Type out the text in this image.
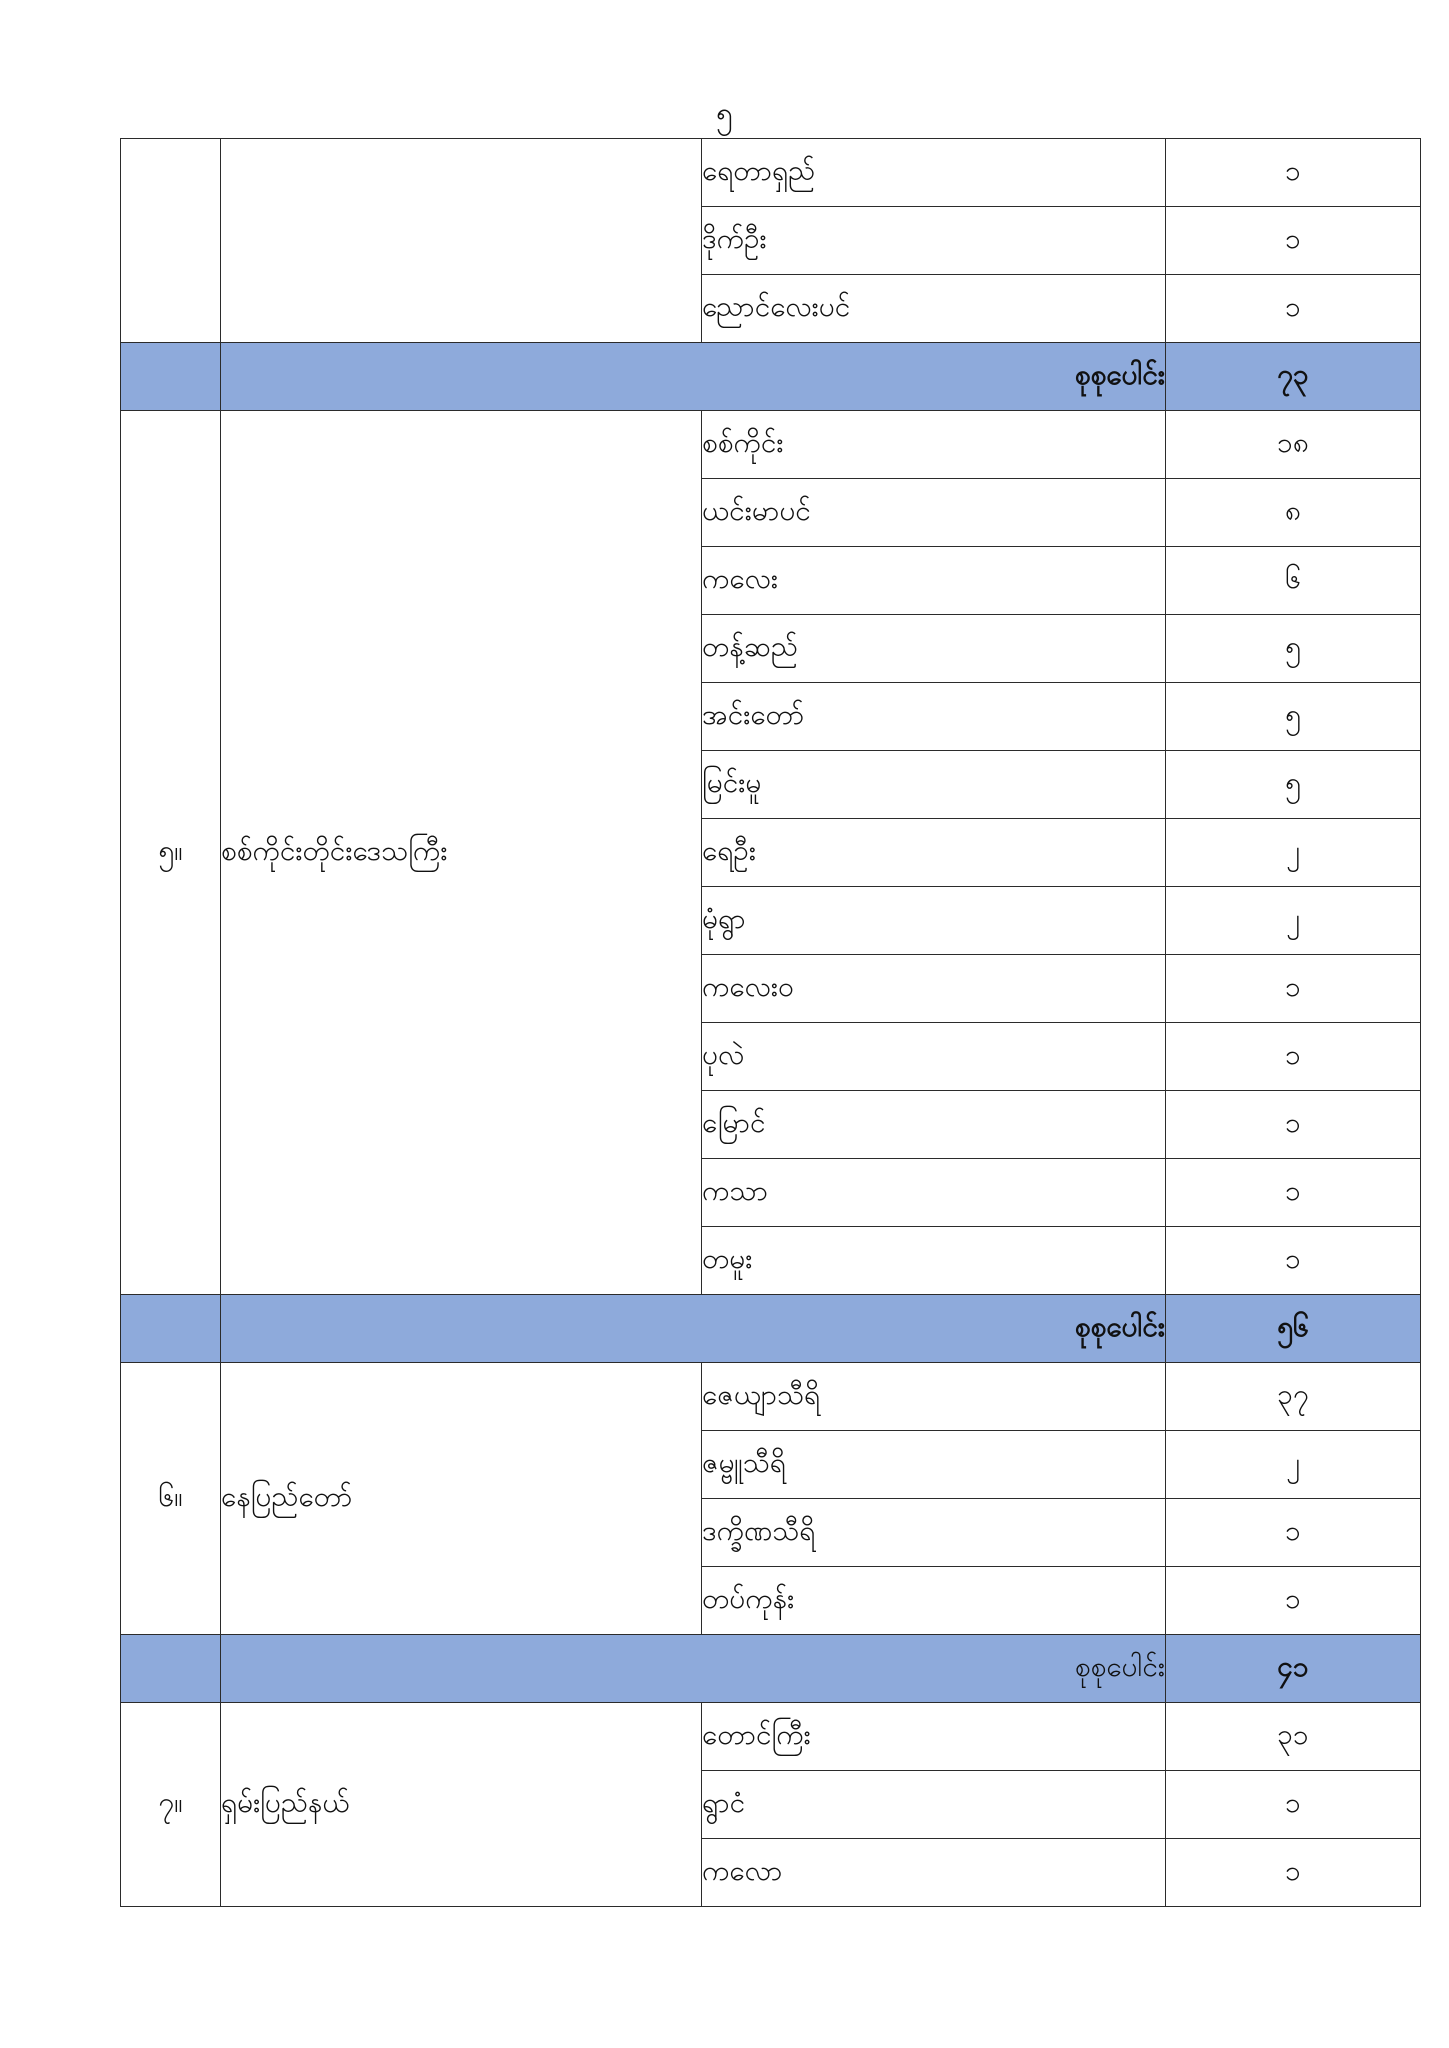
၅
		ရေတာရှည်	၁
		ဒိုက်ဦး	၁
		ညောင်လေးပင်	၁
	စုစုပေါင်း		၇၃
၅။	စစ်ကိုင်းတိုင်းဒေသကြီး	စစ်ကိုင်း	၁၈
		ယင်းမာပင်	၈
		ကလေး	၆
		တန့်ဆည်	၅
		အင်းတော်	၅
		မြင်းမူ	၅
		ရေဦး	၂
		မုံရွာ	၂
		ကလေးဝ	၁
		ပုလဲ	၁
		မြောင်	၁
		ကသာ	၁
		တမူး	၁
	စုစုပေါင်း		၅၆
၆။	နေပြည်တော်	ဇေယျာသီရိ	၃၇
		ဇမ္ဗူသီရိ	၂
		ဒက္ခိဏသီရိ	၁
		တပ်ကုန်း	၁
	စုစုပေါင်း		၄၁
၇။	ရှမ်းပြည်နယ်	တောင်ကြီး	၃၁
		ရွာငံ	၁
		ကလော	၁
